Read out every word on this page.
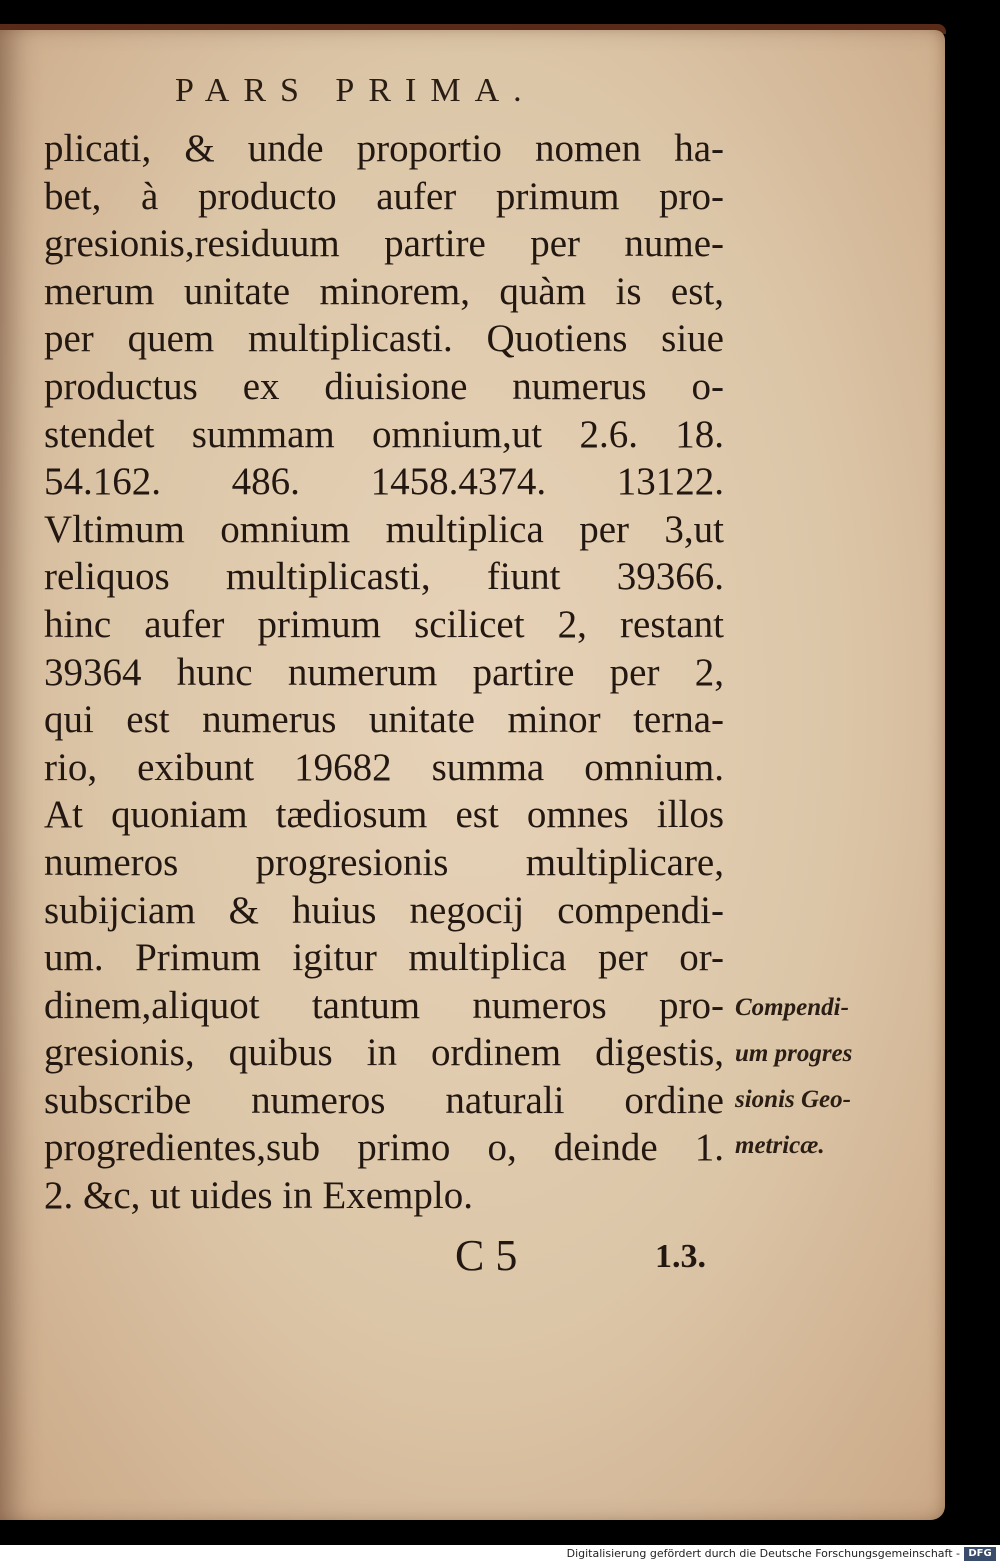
PARS PRIMA.
plicati, & unde proportio nomen ha-
bet, à producto aufer primum pro-
gresionis,residuum partire per nume-
merum unitate minorem, quàm is est,
per quem multiplicasti. Quotiens siue
productus ex diuisione numerus o-
stendet summam omnium,ut 2.6. 18.
54.162. 486. 1458.4374. 13122.
Vltimum omnium multiplica per 3,ut
reliquos multiplicasti, fiunt 39366.
hinc aufer primum scilicet 2, restant
39364 hunc numerum partire per 2,
qui est numerus unitate minor terna-
rio, exibunt 19682 summa omnium.
At quoniam tædiosum est omnes illos
numeros progresionis multiplicare,
subijciam & huius negocij compendi-
um. Primum igitur multiplica per or-
dinem,aliquot tantum numeros pro-
gresionis, quibus in ordinem digestis,
subscribe numeros naturali ordine
progredientes,sub primo o, deinde 1.
2. &c, ut uides in Exemplo.
Compendi-
um progres
sionis Geo-
metricæ.
C 5	1.3.
Digitalisierung gefördert durch die Deutsche Forschungsgemeinschaft - DFG
